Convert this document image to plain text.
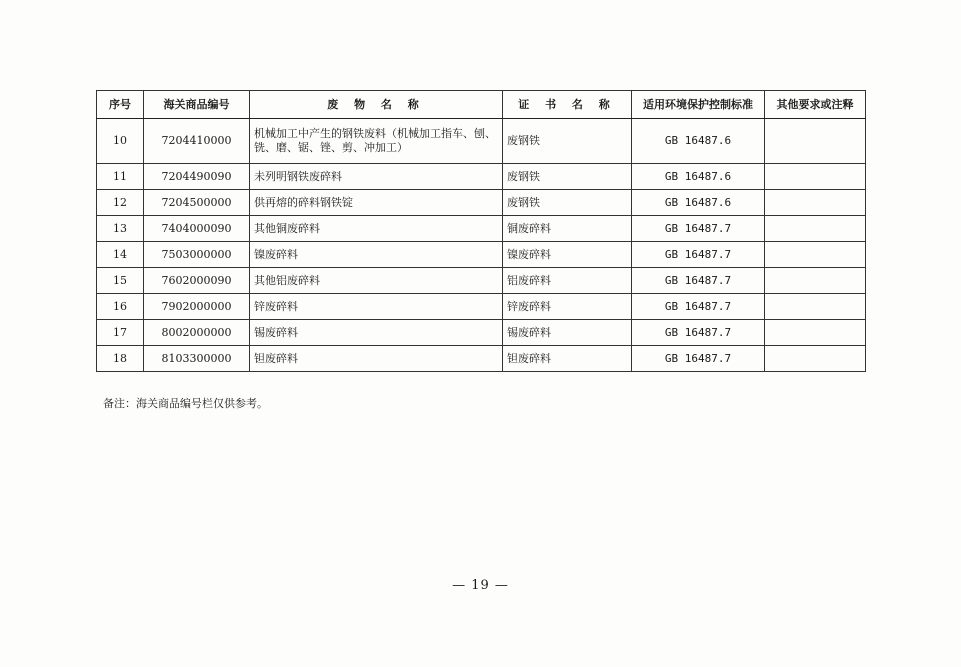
序号	海关商品编号	废 物 名 称	证 书 名 称	适用环境保护控制标准	其他要求或注释
10	7204410000	机械加工中产生的钢铁废料（机械加工指车、刨、铣、磨、锯、锉、剪、冲加工）	废钢铁	GB 16487.6	
11	7204490090	未列明钢铁废碎料	废钢铁	GB 16487.6	
12	7204500000	供再熔的碎料钢铁锭	废钢铁	GB 16487.6	
13	7404000090	其他铜废碎料	铜废碎料	GB 16487.7	
14	7503000000	镍废碎料	镍废碎料	GB 16487.7	
15	7602000090	其他铝废碎料	铝废碎料	GB 16487.7	
16	7902000000	锌废碎料	锌废碎料	GB 16487.7	
17	8002000000	锡废碎料	锡废碎料	GB 16487.7	
18	8103300000	钽废碎料	钽废碎料	GB 16487.7	
备注：海关商品编号栏仅供参考。
— 19 —
